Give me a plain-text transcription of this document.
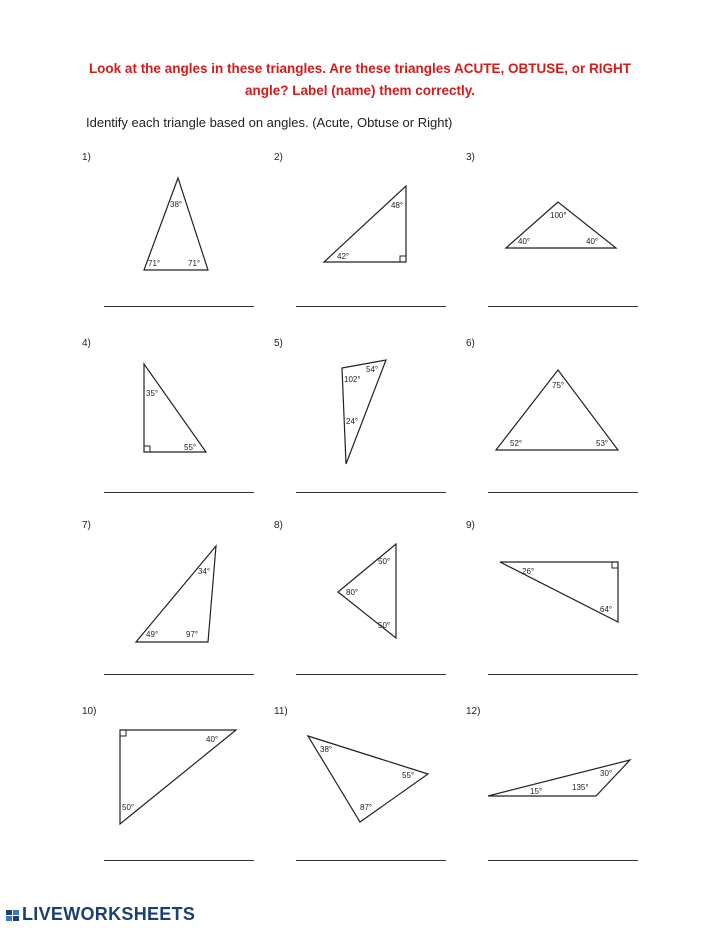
Look at the angles in these triangles. Are these triangles ACUTE, OBTUSE, or RIGHT
angle? Label (name) them correctly.
Identify each triangle based on angles. (Acute, Obtuse or Right)
1)
38°
71°	71°
2)
48°
42°
3)
100°
40°	40°
4)
35°
55°
5)
102°
54°
24°
6)
75°
52°	53°
7)
34°
49°	97°
8)
50°
80°
50°
9)
26°
64°
10)
40°
50°
11)
38°
55°
87°
12)
30°
15°	135°
LIVEWORKSHEETS
